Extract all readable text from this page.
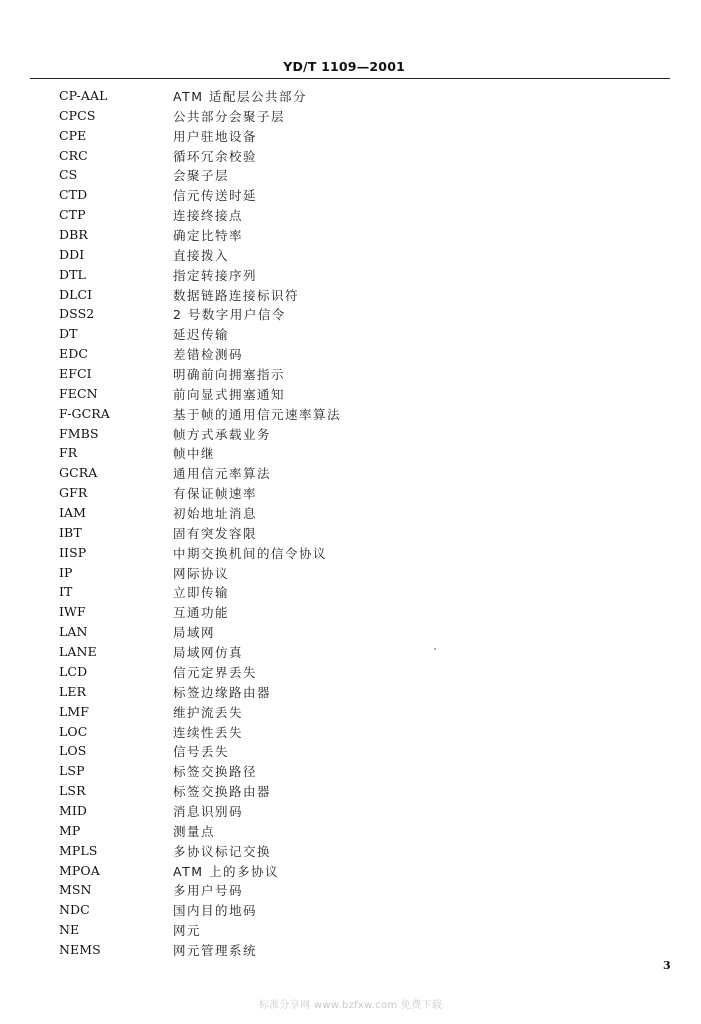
YD/T 1109—2001
CP-AAL	ATM 适配层公共部分
CPCS	公共部分会聚子层
CPE	用户驻地设备
CRC	循环冗余校验
CS	会聚子层
CTD	信元传送时延
CTP	连接终接点
DBR	确定比特率
DDI	直接拨入
DTL	指定转接序列
DLCI	数据链路连接标识符
DSS2	2 号数字用户信令
DT	延迟传输
EDC	差错检测码
EFCI	明确前向拥塞指示
FECN	前向显式拥塞通知
F-GCRA	基于帧的通用信元速率算法
FMBS	帧方式承载业务
FR	帧中继
GCRA	通用信元率算法
GFR	有保证帧速率
IAM	初始地址消息
IBT	固有突发容限
IISP	中期交换机间的信令协议
IP	网际协议
IT	立即传输
IWF	互通功能
LAN	局域网
LANE	局域网仿真
LCD	信元定界丢失
LER	标签边缘路由器
LMF	维护流丢失
LOC	连续性丢失
LOS	信号丢失
LSP	标签交换路径
LSR	标签交换路由器
MID	消息识别码
MP	测量点
MPLS	多协议标记交换
MPOA	ATM 上的多协议
MSN	多用户号码
NDC	国内目的地码
NE	网元
NEMS	网元管理系统
3
标准分享网 www.bzfxw.com 免费下载
